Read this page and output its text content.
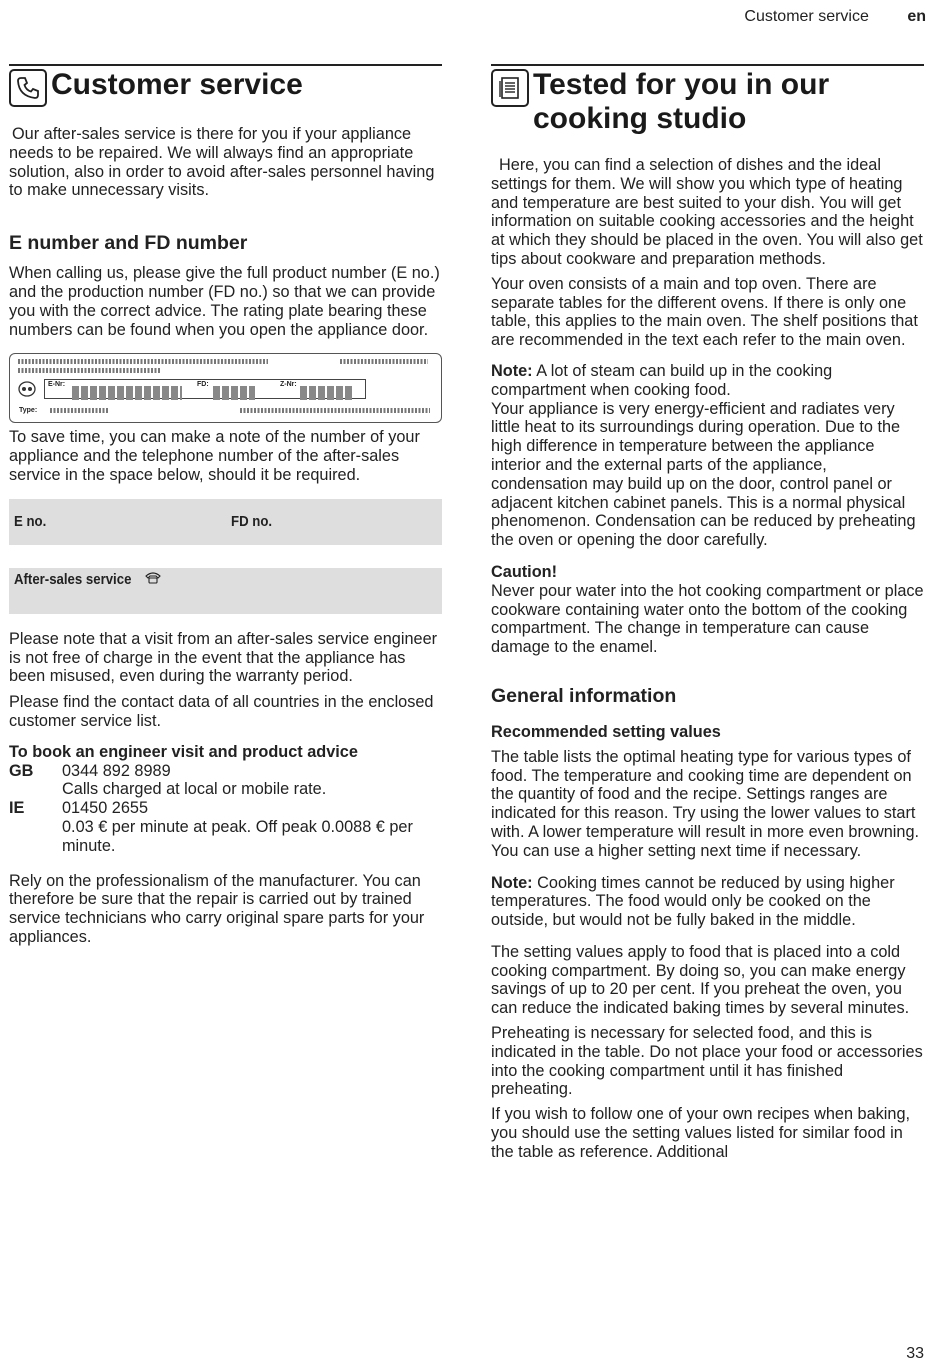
Customer service en
Customer service

Our after-sales service is there for you if your appliance needs to be repaired. We will always find an appropriate solution, also in order to avoid after-sales personnel having to make unnecessary visits.

E number and FD number

When calling us, please give the full product number (E no.) and the production number (FD no.) so that we can provide you with the correct advice. The rating plate bearing these numbers can be found when you open the appliance door.

E-Nr:	FD:	Z-Nr:
Type:

To save time, you can make a note of the number of your appliance and the telephone number of the after-sales service in the space below, should it be required.

E no.	FD no.
After-sales service

Please note that a visit from an after-sales service engineer is not free of charge in the event that the appliance has been misused, even during the warranty period.

Please find the contact data of all countries in the enclosed customer service list.

To book an engineer visit and product advice
GB	0344 892 8989
Calls charged at local or mobile rate.
IE	01450 2655
0.03 € per minute at peak. Off peak 0.0088 € per minute.

Rely on the professionalism of the manufacturer. You can therefore be sure that the repair is carried out by trained service technicians who carry original spare parts for your appliances.

Tested for you in our cooking studio

Here, you can find a selection of dishes and the ideal settings for them. We will show you which type of heating and temperature are best suited to your dish. You will get information on suitable cooking accessories and the height at which they should be placed in the oven. You will also get tips about cookware and preparation methods.

Your oven consists of a main and top oven. There are separate tables for the different ovens. If there is only one table, this applies to the main oven. The shelf positions that are recommended in the text each refer to the main oven.

Note: A lot of steam can build up in the cooking compartment when cooking food.

Your appliance is very energy-efficient and radiates very little heat to its surroundings during operation. Due to the high difference in temperature between the appliance interior and the external parts of the appliance, condensation may build up on the door, control panel or adjacent kitchen cabinet panels. This is a normal physical phenomenon. Condensation can be reduced by preheating the oven or opening the door carefully.

Caution!

Never pour water into the hot cooking compartment or place cookware containing water onto the bottom of the cooking compartment. The change in temperature can cause damage to the enamel.

General information
Recommended setting values

The table lists the optimal heating type for various types of food. The temperature and cooking time are dependent on the quantity of food and the recipe. Settings ranges are indicated for this reason. Try using the lower values to start with. A lower temperature will result in more even browning. You can use a higher setting next time if necessary.

Note: Cooking times cannot be reduced by using higher temperatures. The food would only be cooked on the outside, but would not be fully baked in the middle.

The setting values apply to food that is placed into a cold cooking compartment. By doing so, you can make energy savings of up to 20 per cent. If you preheat the oven, you can reduce the indicated baking times by several minutes.

Preheating is necessary for selected food, and this is indicated in the table. Do not place your food or accessories into the cooking compartment until it has finished preheating.

If you wish to follow one of your own recipes when baking, you should use the setting values listed for similar food in the table as reference. Additional

33
